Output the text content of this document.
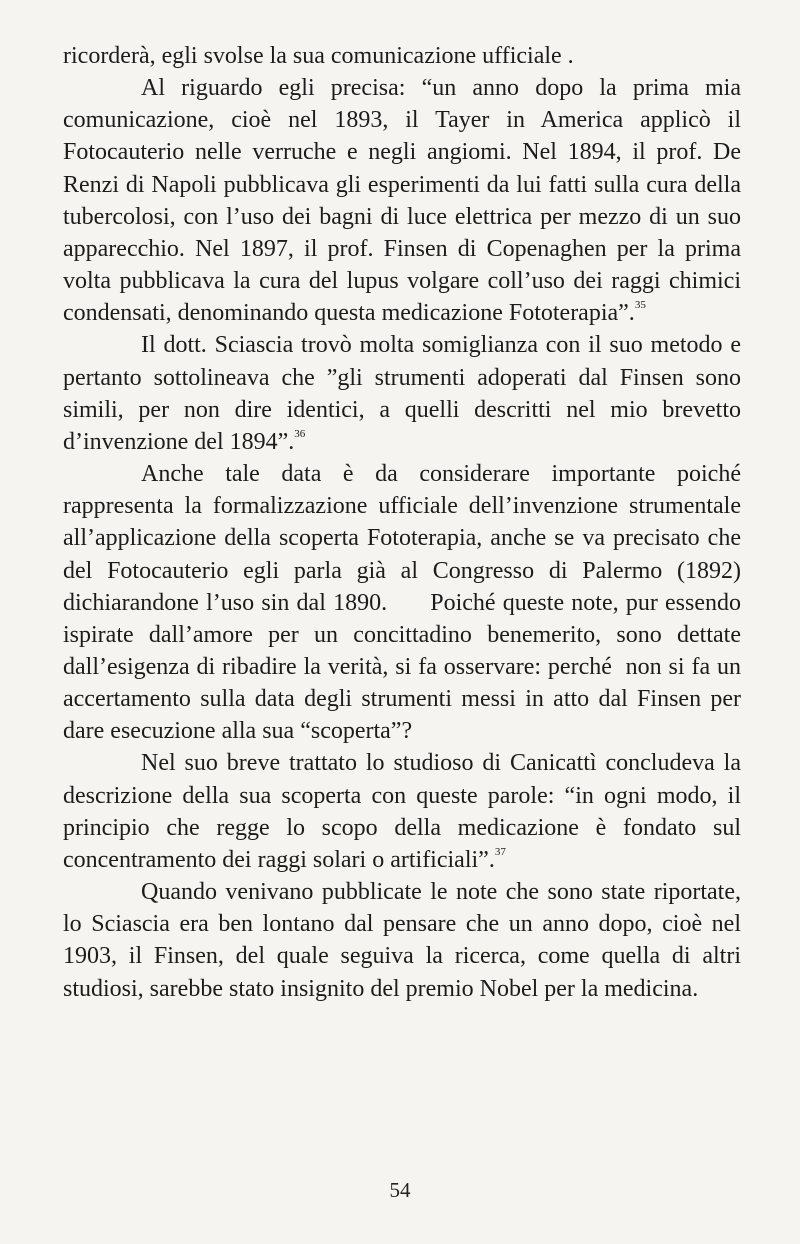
ricorderà, egli svolse la sua comunicazione ufficiale .

Al riguardo egli precisa: “un anno dopo la prima mia comunicazione, cioè nel 1893, il Tayer in America applicò il Fotocauterio nelle verruche e negli angiomi. Nel 1894, il prof. De Renzi di Napoli pubblicava gli esperimenti da lui fatti sulla cura della tubercolosi, con l’uso dei bagni di luce elettrica per mezzo di un suo apparecchio. Nel 1897, il prof. Finsen di Copenaghen per la prima volta pubblicava la cura del lupus volgare coll’uso dei raggi chimici condensati, denominando questa medicazione Fototerapia”.$^{35}$

Il dott. Sciascia trovò molta somiglianza con il suo metodo e pertanto sottolineava che ”gli strumenti adoperati dal Finsen sono simili, per non dire identici, a quelli descritti nel mio brevetto d’invenzione del 1894”.$^{36}$

Anche tale data è da considerare importante poiché rappresenta la formalizzazione ufficiale dell’invenzione strumentale all’applicazione della scoperta Fototerapia, anche se va precisato che del Fotocauterio egli parla già al Congresso di Palermo (1892) dichiarandone l’uso sin dal 1890.      Poiché queste note, pur essendo ispirate dall’amore per un concittadino benemerito, sono dettate dall’esigenza di ribadire la verità, si fa osservare: perché  non si fa un accertamento sulla data degli strumenti messi in atto dal Finsen per dare esecuzione alla sua “scoperta”?

Nel suo breve trattato lo studioso di Canicattì concludeva la descrizione della sua scoperta con queste parole: “in ogni modo, il principio che regge lo scopo della medicazione è fondato sul concentramento dei raggi solari o artificiali”.$^{37}$

Quando venivano pubblicate le note che sono state riportate, lo Sciascia era ben lontano dal pensare che un anno dopo, cioè nel 1903, il Finsen, del quale seguiva la ricerca, come quella di altri studiosi, sarebbe stato insignito del premio Nobel per la medicina.

54
